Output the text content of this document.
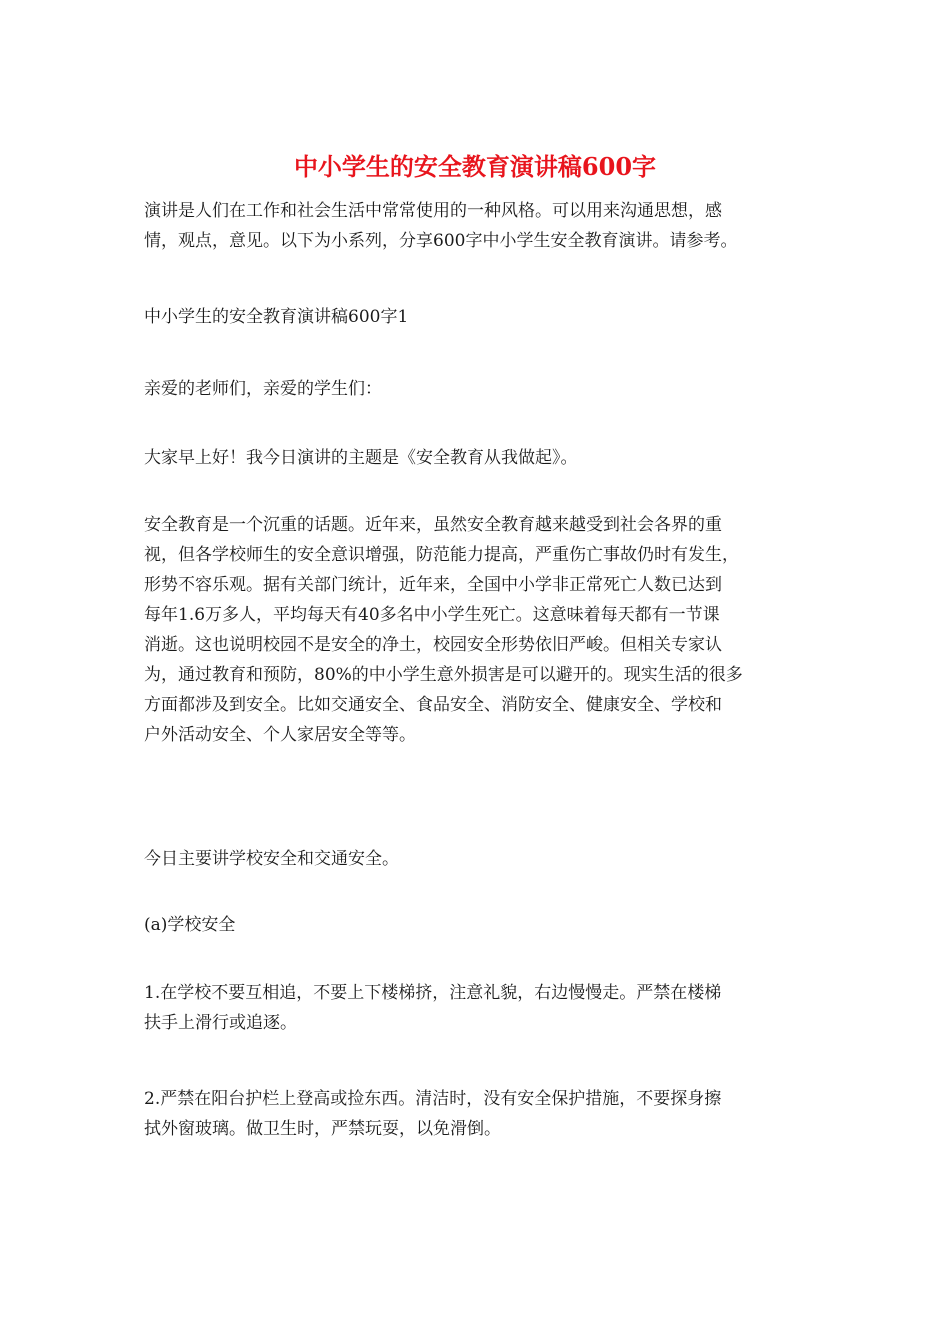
中小学生的安全教育演讲稿600字

演讲是人们在工作和社会生活中常常使用的一种风格。可以用来沟通思想，感
情，观点，意见。以下为小系列，分享600字中小学生安全教育演讲。请参考。

中小学生的安全教育演讲稿600字1

亲爱的老师们，亲爱的学生们：

大家早上好！我今日演讲的主题是《安全教育从我做起》。

安全教育是一个沉重的话题。近年来，虽然安全教育越来越受到社会各界的重
视，但各学校师生的安全意识增强，防范能力提高，严重伤亡事故仍时有发生，
形势不容乐观。据有关部门统计，近年来，全国中小学非正常死亡人数已达到
每年1.6万多人，平均每天有40多名中小学生死亡。这意味着每天都有一节课
消逝。这也说明校园不是安全的净土，校园安全形势依旧严峻。但相关专家认
为，通过教育和预防，80%的中小学生意外损害是可以避开的。现实生活的很多
方面都涉及到安全。比如交通安全、食品安全、消防安全、健康安全、学校和
户外活动安全、个人家居安全等等。

今日主要讲学校安全和交通安全。

(a)学校安全

1.在学校不要互相追，不要上下楼梯挤，注意礼貌，右边慢慢走。严禁在楼梯
扶手上滑行或追逐。

2.严禁在阳台护栏上登高或捡东西。清洁时，没有安全保护措施，不要探身擦
拭外窗玻璃。做卫生时，严禁玩耍，以免滑倒。
